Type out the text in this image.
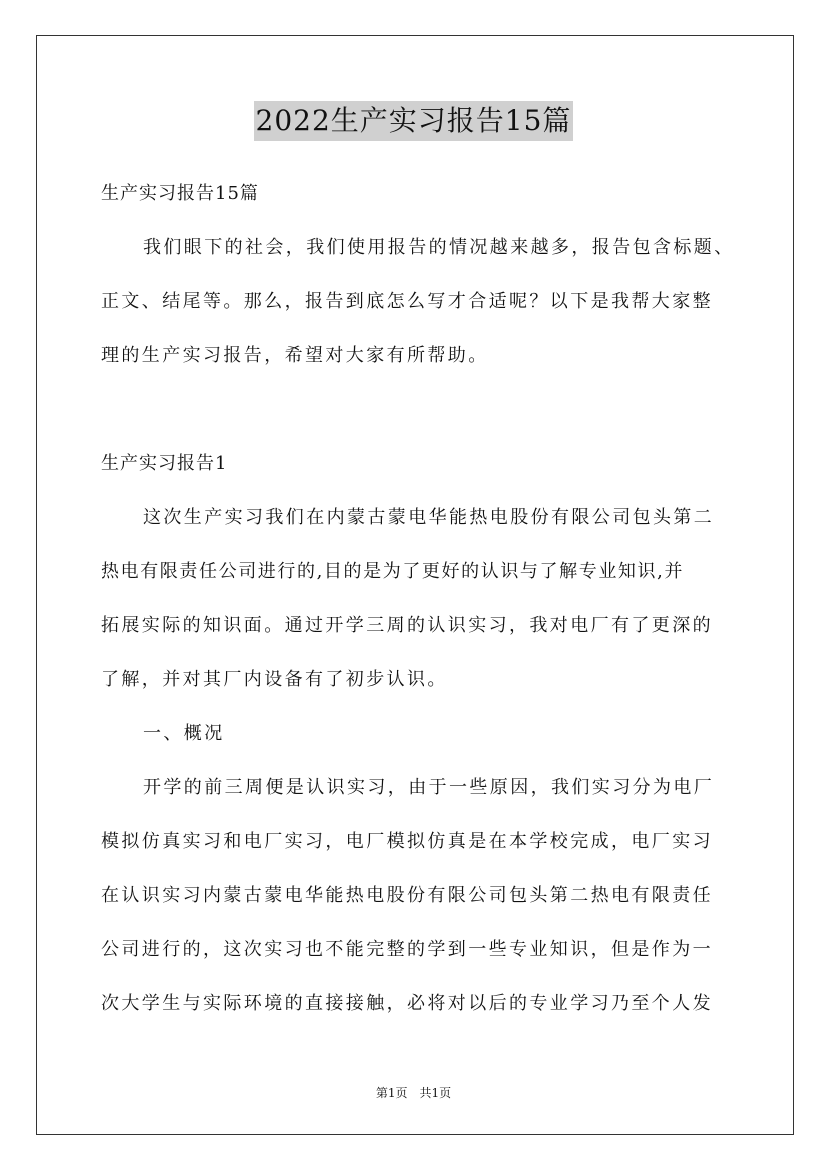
2022生产实习报告15篇
生产实习报告15篇
我们眼下的社会，我们使用报告的情况越来越多，报告包含标题、
正文、结尾等。那么，报告到底怎么写才合适呢？以下是我帮大家整
理的生产实习报告，希望对大家有所帮助。
生产实习报告1
这次生产实习我们在内蒙古蒙电华能热电股份有限公司包头第二
热电有限责任公司进行的,目的是为了更好的认识与了解专业知识,并
拓展实际的知识面。通过开学三周的认识实习，我对电厂有了更深的
了解，并对其厂内设备有了初步认识。
一、概况
开学的前三周便是认识实习，由于一些原因，我们实习分为电厂
模拟仿真实习和电厂实习，电厂模拟仿真是在本学校完成，电厂实习
在认识实习内蒙古蒙电华能热电股份有限公司包头第二热电有限责任
公司进行的，这次实习也不能完整的学到一些专业知识，但是作为一
次大学生与实际环境的直接接触，必将对以后的专业学习乃至个人发
第1页　共1页
